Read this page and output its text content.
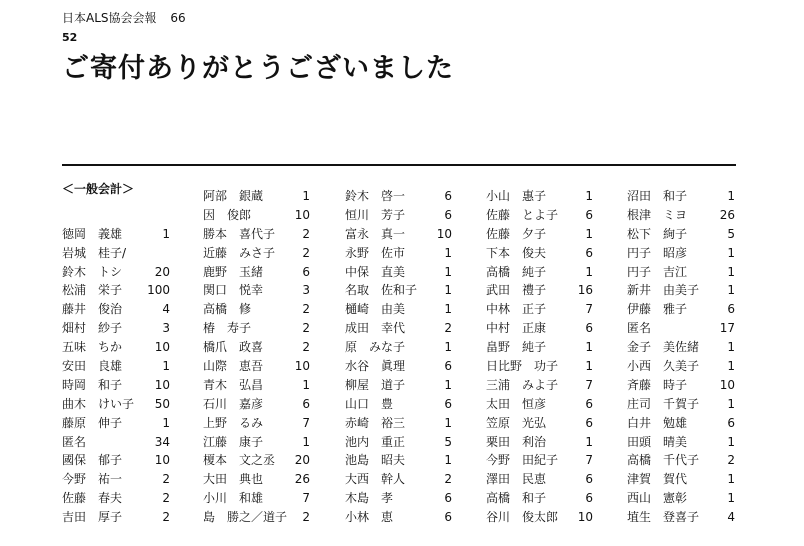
日本ALS協会会報 66
52
ご寄付ありがとうございました
＜一般会計＞
徳岡　義雄	1
岩城　桂子/
鈴木　トシ	20
松浦　栄子 100
藤井　俊治	4
畑村　紗子	3
五味　ちか	10
安田　良雄	1
時岡　和子	10
曲木　けい子 50
藤原　伸子	1
匿名	34
國保　郁子	10
今野　祐一	2
佐藤　春夫	2
吉田　厚子	2
阿部　銀蔵	1
因　俊郎	10
勝本　喜代子 2
近藤　みさ子 2
鹿野　玉緒	6
関口　悦幸	3
高橋　修	2
椿　寿子	2
橋爪　政喜	2
山際　恵吾	10
青木　弘昌	1
石川　嘉彦	6
上野　るみ	7
江藤　康子	1
榎本　文之丞 20
大田　典也	26
小川　和雄	7
島　勝之／道子 2
鈴木　啓一	6
恒川　芳子	6
富永　真一	10
永野　佐市	1
中保　直美	1
名取　佐和子 1
樋崎　由美	1
成田　幸代	2
原　みな子	1
水谷　眞理	6
柳屋　道子	1
山口　豊	6
赤崎　裕三	1
池内　重正	5
池島　昭夫	1
大西　幹人	2
木島　孝	6
小林　恵	6
小山　惠子	1
佐藤　とよ子 6
佐藤　夕子	1
下本　俊夫	6
高橋　純子	1
武田　禮子	16
中林　正子	7
中村　正康	6
畠野　純子	1
日比野　功子 1
三浦　みよ子 7
太田　恒彦	6
笠原　光弘	6
栗田　利治	1
今野　田紀子 7
澤田　民恵	6
高橋　和子	6
谷川　俊太郎 10
沼田　和子	1
根津　ミヨ	26
松下　絢子	5
円子　昭彦	1
円子　吉江	1
新井　由美子 1
伊藤　雅子	6
匿名	17
金子　美佐緒 1
小西　久美子 1
斉藤　時子	10
庄司　千賀子 1
白井　勉雄	6
田頭　晴美	1
高橋　千代子 2
津賀　賀代	1
西山　憲彰	1
埴生　登喜子 4
